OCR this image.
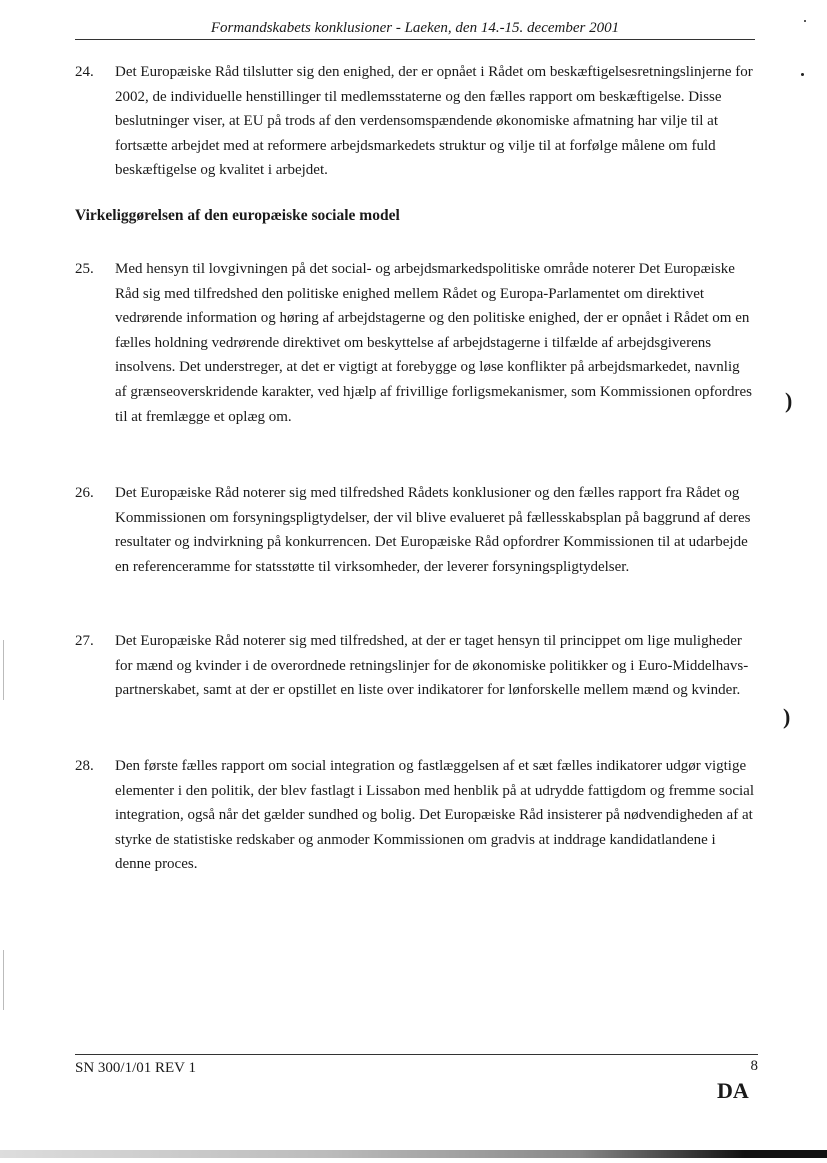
Formandskabets konklusioner - Laeken, den 14.-15. december 2001
24. Det Europæiske Råd tilslutter sig den enighed, der er opnået i Rådet om beskæftigelsesretningslinjerne for 2002, de individuelle henstillinger til medlemsstaterne og den fælles rapport om beskæftigelse. Disse beslutninger viser, at EU på trods af den verdensomspændende økonomiske afmatning har vilje til at fortsætte arbejdet med at reformere arbejdsmarkedets struktur og vilje til at forfølge målene om fuld beskæftigelse og kvalitet i arbejdet.
Virkeliggørelsen af den europæiske sociale model
25. Med hensyn til lovgivningen på det social- og arbejdsmarkedspolitiske område noterer Det Europæiske Råd sig med tilfredshed den politiske enighed mellem Rådet og Europa-Parlamentet om direktivet vedrørende information og høring af arbejdstagerne og den politiske enighed, der er opnået i Rådet om en fælles holdning vedrørende direktivet om beskyttelse af arbejdstagerne i tilfælde af arbejdsgiverens insolvens. Det understreger, at det er vigtigt at forebygge og løse konflikter på arbejdsmarkedet, navnlig af grænseoverskridende karakter, ved hjælp af frivillige forligsmekanismer, som Kommissionen opfordres til at fremlægge et oplæg om.
26. Det Europæiske Råd noterer sig med tilfredshed Rådets konklusioner og den fælles rapport fra Rådet og Kommissionen om forsyningspligtydelser, der vil blive evalueret på fællesskabsplan på baggrund af deres resultater og indvirkning på konkurrencen. Det Europæiske Råd opfordrer Kommissionen til at udarbejde en referenceramme for statsstøtte til virksomheder, der leverer forsyningspligtydelser.
27. Det Europæiske Råd noterer sig med tilfredshed, at der er taget hensyn til princippet om lige muligheder for mænd og kvinder i de overordnede retningslinjer for de økonomiske politikker og i Euro-Middelhavs-partnerskabet, samt at der er opstillet en liste over indikatorer for lønforskelle mellem mænd og kvinder.
28. Den første fælles rapport om social integration og fastlæggelsen af et sæt fælles indikatorer udgør vigtige elementer i den politik, der blev fastlagt i Lissabon med henblik på at udrydde fattigdom og fremme social integration, også når det gælder sundhed og bolig. Det Europæiske Råd insisterer på nødvendigheden af at styrke de statistiske redskaber og anmoder Kommissionen om gradvis at inddrage kandidatlandene i denne proces.
)
)
SN 300/1/01 REV 1	8
DA
